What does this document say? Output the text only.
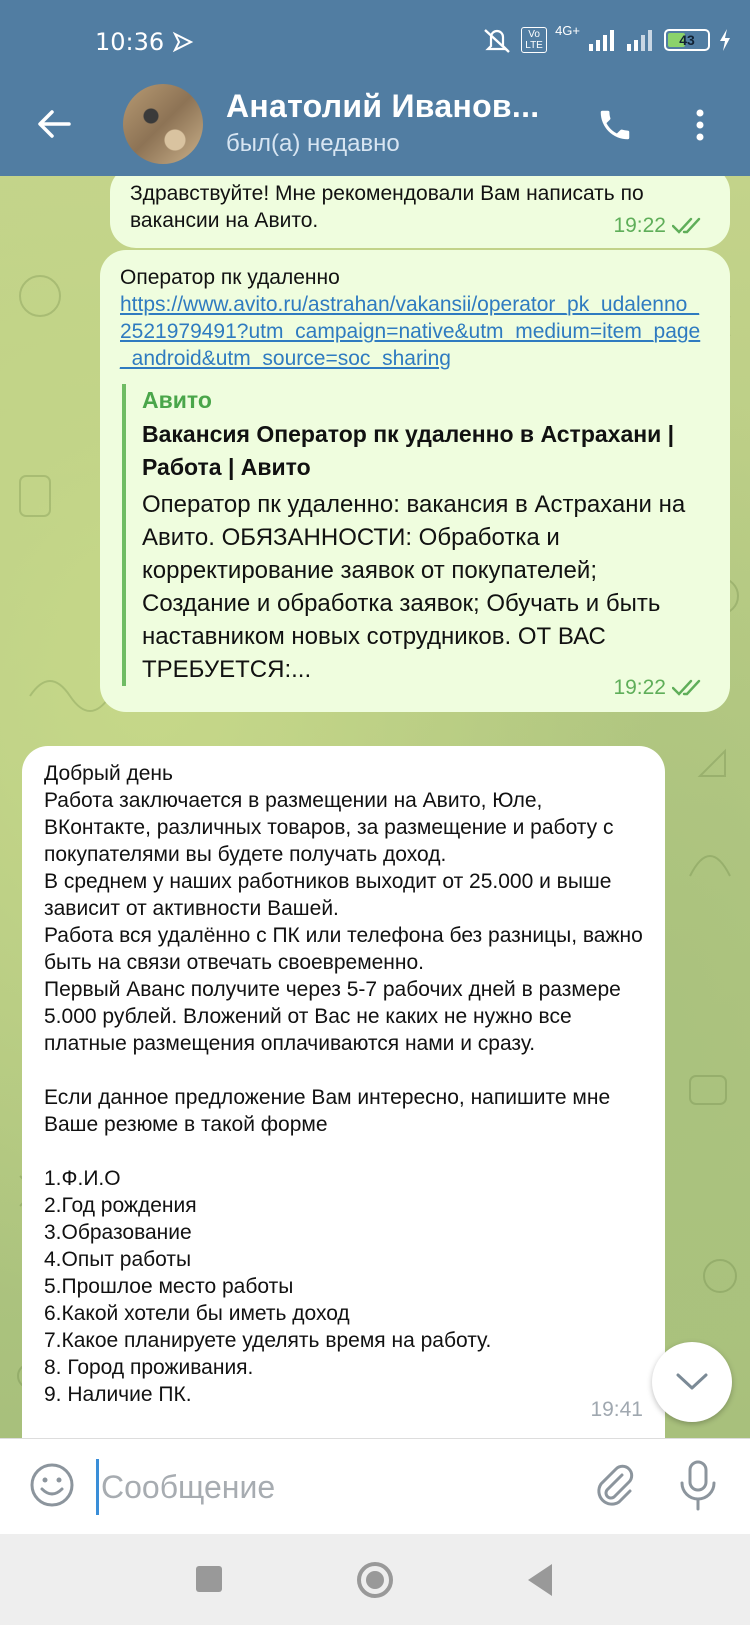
10:36	Vo LTE
4G+
43
Анатолий Иванов...
был(а) недавно
Здравствуйте! Мне рекомендовали Вам написать по вакансии на Авито.	19:22
Оператор пк удаленно
https://www.avito.ru/astrahan/vakansii/operator_pk_udalenno_2521979491?utm_campaign=native&utm_medium=item_page_android&utm_source=soc_sharing
Авито
Вакансия Оператор пк удаленно в Астрахани | Работа | Авито
Оператор пк удаленно: вакансия в Астрахани на Авито. ОБЯЗАННОСТИ: Обработка и корректирование заявок от покупателей; Создание и обработка заявок; Обучать и быть наставником новых сотрудников. ОТ ВАС ТРЕБУЕТСЯ:...
19:22
Добрый день
Работа заключается в размещении на Авито, Юле, ВКонтакте, различных товаров, за размещение и работу с покупателями вы будете получать доход.
В среднем у наших работников выходит от 25.000 и выше зависит от активности Вашей.
Работа вся удалённо с ПК или телефона без разницы, важно быть на связи отвечать своевременно.
Первый Аванс получите через 5-7 рабочих дней в размере 5.000 рублей. Вложений от Вас не каких не нужно все платные размещения оплачиваются нами и сразу.

Если данное предложение Вам интересно, напишите мне Ваше резюме в такой форме

1.Ф.И.О
2.Год рождения
3.Образование
4.Опыт работы
5.Прошлое место работы
6.Какой хотели бы иметь доход
7.Какое планируете уделять время на работу.
8. Город проживания.
9. Наличие ПК.
19:41
Сообщение
